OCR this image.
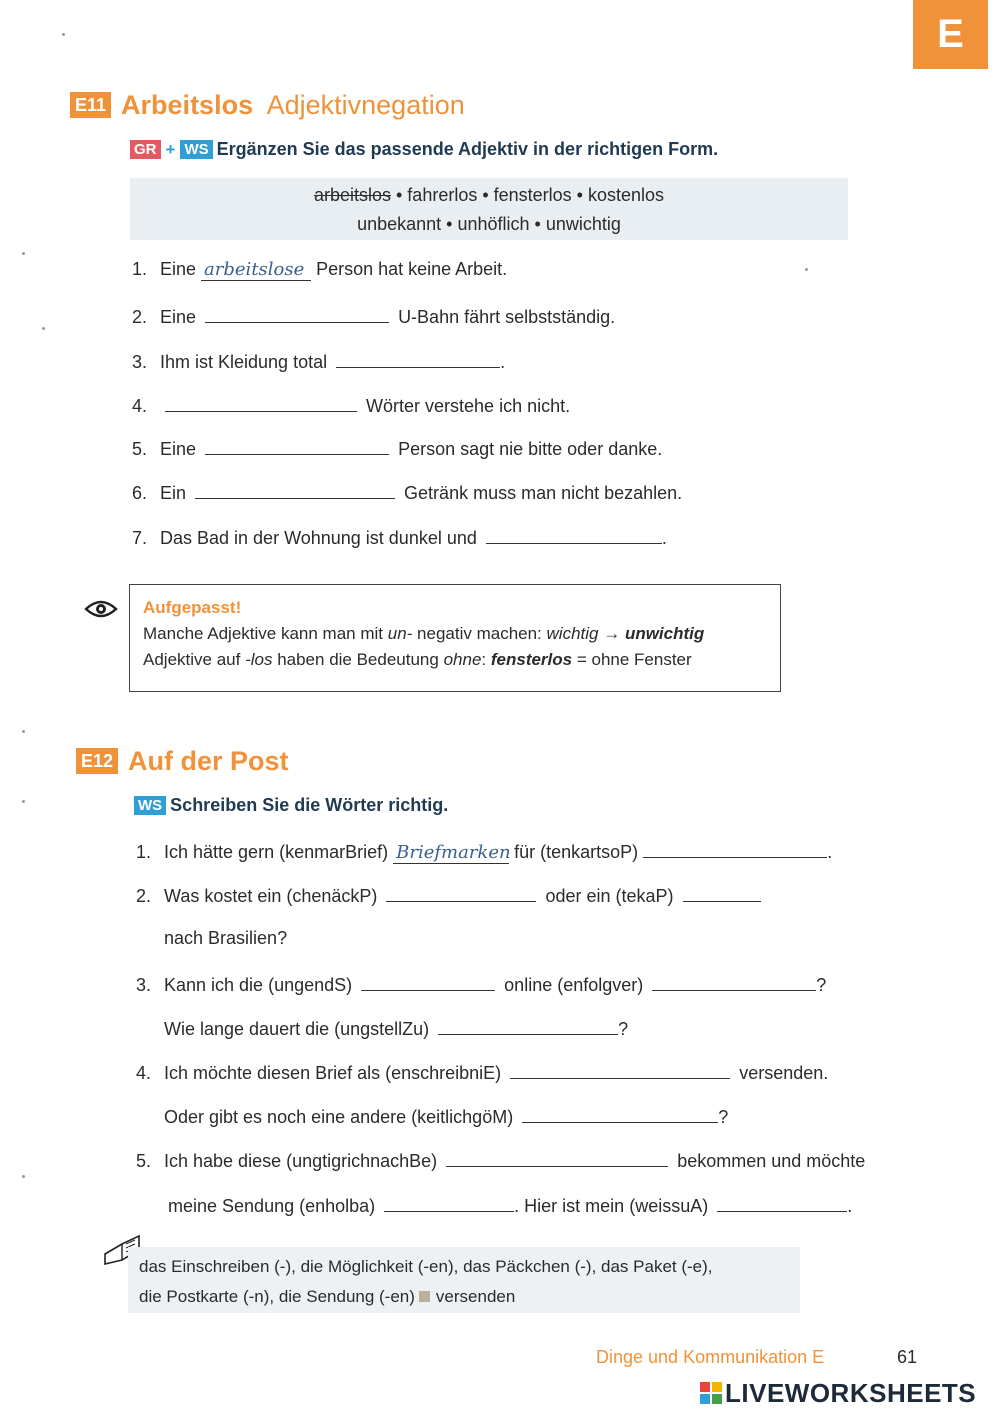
E
E11 Arbeitslos Adjektivnegation
GR + WS Ergänzen Sie das passende Adjektiv in der richtigen Form.
arbeitslos • fahrerlos • fensterlos • kostenlos
unbekannt • unhöflich • unwichtig
1. Eine arbeitslose Person hat keine Arbeit.
2. Eine	U-Bahn fährt selbstständig.
3. Ihm ist Kleidung total	.
4.	Wörter verstehe ich nicht.
5. Eine	Person sagt nie bitte oder danke.
6. Ein	Getränk muss man nicht bezahlen.
7. Das Bad in der Wohnung ist dunkel und	.
Aufgepasst!
Manche Adjektive kann man mit un- negativ machen: wichtig → unwichtig
Adjektive auf -los haben die Bedeutung ohne: fensterlos = ohne Fenster
E12 Auf der Post
WS Schreiben Sie die Wörter richtig.
1. Ich hätte gern (kenmarBrief) Briefmarken für (tenkartsoP)	.
2. Was kostet ein (chenäckP)	oder ein (tekaP)
nach Brasilien?
3. Kann ich die (ungendS)	online (enfolgver)	?
Wie lange dauert die (ungstellZu)	?
4. Ich möchte diesen Brief als (enschreibniE)	versenden.
Oder gibt es noch eine andere (keitlichgöM)	?
5. Ich habe diese (ungtigrichnachBe)	bekommen und möchte
meine Sendung (enholba)	. Hier ist mein (weissuA)	.
das Einschreiben (-), die Möglichkeit (-en), das Päckchen (-), das Paket (-e),
die Postkarte (-n), die Sendung (-en) versenden
Dinge und Kommunikation E	61
LIVEWORKSHEETS
